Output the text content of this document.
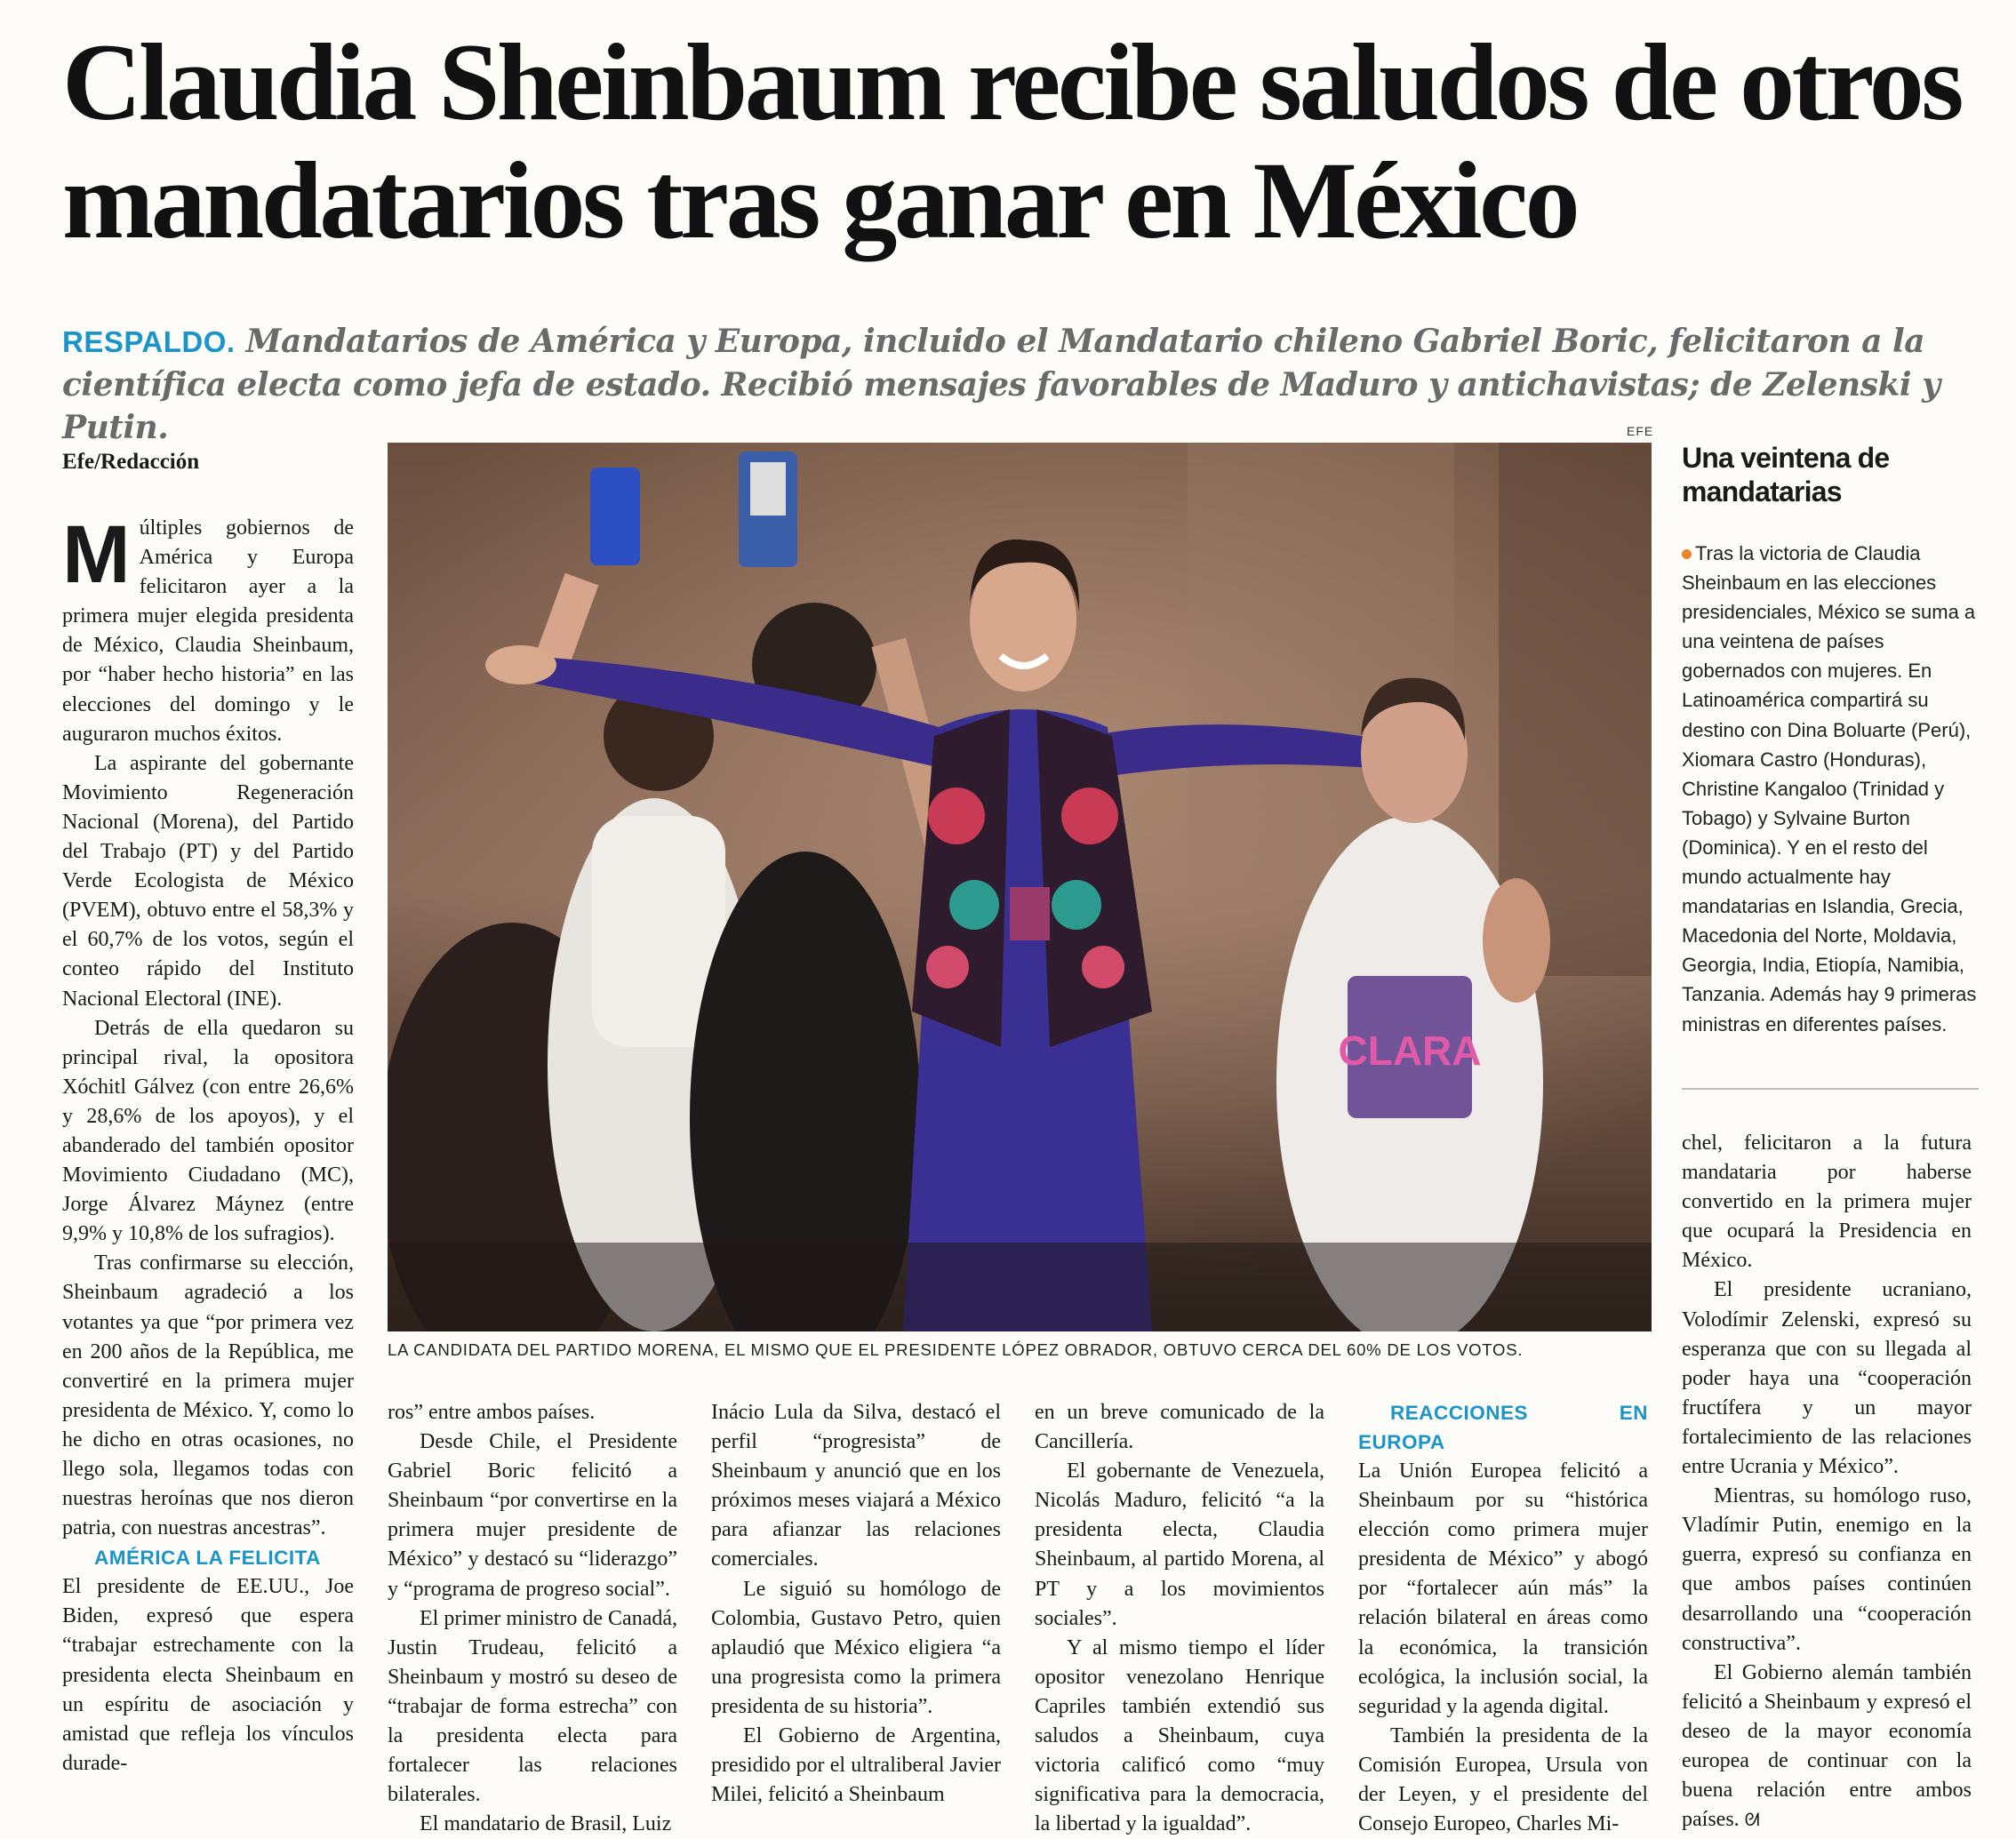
Claudia Sheinbaum recibe saludos de otros mandatarios tras ganar en México

RESPALDO. Mandatarios de América y Europa, incluido el Mandatario chileno Gabriel Boric, felicitaron a la científica electa como jefa de estado. Recibió mensajes favorables de Maduro y antichavistas; de Zelenski y Putin.

Efe/Redacción

Múltiples gobiernos de América y Europa felicitaron ayer a la primera mujer elegida presidenta de México, Claudia Sheinbaum, por “haber hecho historia” en las elecciones del domingo y le auguraron muchos éxitos.

La aspirante del gobernante Movimiento Regeneración Nacional (Morena), del Partido del Trabajo (PT) y del Partido Verde Ecologista de México (PVEM), obtuvo entre el 58,3% y el 60,7% de los votos, según el conteo rápido del Instituto Nacional Electoral (INE).

Detrás de ella quedaron su principal rival, la opositora Xóchitl Gálvez (con entre 26,6% y 28,6% de los apoyos), y el abanderado del también opositor Movimiento Ciudadano (MC), Jorge Álvarez Máynez (entre 9,9% y 10,8% de los sufragios).

Tras confirmarse su elección, Sheinbaum agradeció a los votantes ya que “por primera vez en 200 años de la República, me convertiré en la primera mujer presidenta de México. Y, como lo he dicho en otras ocasiones, no llego sola, llegamos todas con nuestras heroínas que nos dieron patria, con nuestras ancestras”.

AMÉRICA LA FELICITA

El presidente de EE.UU., Joe Biden, expresó que espera “trabajar estrechamente con la presidenta electa Sheinbaum en un espíritu de asociación y amistad que refleja los vínculos durade-

EFE
CLARA
LA CANDIDATA DEL PARTIDO MORENA, EL MISMO QUE EL PRESIDENTE LÓPEZ OBRADOR, OBTUVO CERCA DEL 60% DE LOS VOTOS.
Una veintena de mandatarias
Tras la victoria de Claudia Sheinbaum en las elecciones presidenciales, México se suma a una veintena de países gobernados con mujeres. En Latinoamérica compartirá su destino con Dina Boluarte (Perú), Xiomara Castro (Honduras), Christine Kangaloo (Trinidad y Tobago) y Sylvaine Burton (Dominica). Y en el resto del mundo actualmente hay mandatarias en Islandia, Grecia, Macedonia del Norte, Moldavia, Georgia, India, Etiopía, Namibia, Tanzania. Además hay 9 primeras ministras en diferentes países.

ros” entre ambos países.

Desde Chile, el Presidente Gabriel Boric felicitó a Sheinbaum “por convertirse en la primera mujer presidente de México” y destacó su “liderazgo” y “programa de progreso social”.

El primer ministro de Canadá, Justin Trudeau, felicitó a Sheinbaum y mostró su deseo de “trabajar de forma estrecha” con la presidenta electa para fortalecer las relaciones bilaterales.

El mandatario de Brasil, Luiz

Inácio Lula da Silva, destacó el perfil “progresista” de Sheinbaum y anunció que en los próximos meses viajará a México para afianzar las relaciones comerciales.

Le siguió su homólogo de Colombia, Gustavo Petro, quien aplaudió que México eligiera “a una progresista como la primera presidenta de su historia”.

El Gobierno de Argentina, presidido por el ultraliberal Javier Milei, felicitó a Sheinbaum

en un breve comunicado de la Cancillería.

El gobernante de Venezuela, Nicolás Maduro, felicitó “a la presidenta electa, Claudia Sheinbaum, al partido Morena, al PT y a los movimientos sociales”.

Y al mismo tiempo el líder opositor venezolano Henrique Capriles también extendió sus saludos a Sheinbaum, cuya victoria calificó como “muy significativa para la democracia, la libertad y la igualdad”.

REACCIONES EN EUROPA

La Unión Europea felicitó a Sheinbaum por su “histórica elección como primera mujer presidenta de México” y abogó por “fortalecer aún más” la relación bilateral en áreas como la económica, la transición ecológica, la inclusión social, la seguridad y la agenda digital.

También la presidenta de la Comisión Europea, Ursula von der Leyen, y el presidente del Consejo Europeo, Charles Mi-

chel, felicitaron a la futura mandataria por haberse convertido en la primera mujer que ocupará la Presidencia en México.

El presidente ucraniano, Volodímir Zelenski, expresó su esperanza que con su llegada al poder haya una “cooperación fructífera y un mayor fortalecimiento de las relaciones entre Ucrania y México”.

Mientras, su homólogo ruso, Vladímir Putin, enemigo en la guerra, expresó su confianza en que ambos países continúen desarrollando una “cooperación constructiva”.

El Gobierno alemán también felicitó a Sheinbaum y expresó el deseo de la mayor economía europea de continuar con la buena relación entre ambos países. ᘛ
